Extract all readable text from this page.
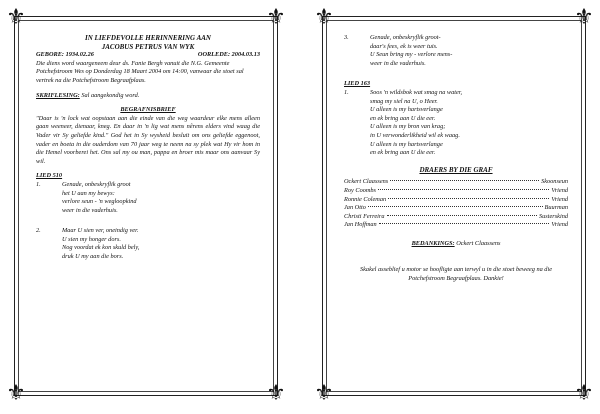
⚜	⚜
⚜	⚜

IN LIEFDEVOLLE HERINNERING AAN

JACOBUS PETRUS VAN WYK

GEBORE: 1934.02.26	OORLEDE: 2004.03.13

Die diens word waargeneem deur ds. Fanie Bergh vanuit die N.G. Gemeente Potchefstroom Wes op Donderdag 18 Maart 2004 om 14:00, vanwaar die stoet sal vertrek na die Potchefstroom Begraafplaas.

SKRIFLESING: Sal aangekondig word.

BEGRAFNISBRIEF

"Daar is 'n lock wat oopstaan aan die einde van die weg waardeur elke mens alleen gaan weeneer, dienaar, kneg. En daar in 'n lig wat mens nêrens elders vind waag die Vader vir Sy geliefde kind." God het in Sy wysheid besluit om ons geliefde eggenoot, vader en boeta in die ouderdom van 70 jaar weg te neem na sy plek wat Hy vir hom in die Hemel voorberei het. Ons sal my ou man, pappa en broer mis maar ons aanvaar Sy wil.

LIED 510

1.	Genade, onbeskryflik groot

het U aan my bewys:

verlore seun - 'n wegloopkind

weer in die vaderhuis.

2.	Maar U sien ver, oneindig ver.

U sien my honger dors.

Nog voordat ek kon skuld bely,

druk U my aan die bors.

⚜	⚜
⚜	⚜
3.	Genade, onbeskryflik groot-

daar's fees, ek is weer tuis.

U Seun bring my - verlore mens-

weer in die vaderhuis.

LIED 163

1.	Soos 'n wildsbok wat smag na water,

smag my siel na U, o Heer.

U alleen is my hartsverlange

en ek bring aan U die eer.

U alleen is my bron van krag;

in U verwonderlikheid wil ek waag.

U alleen is my hartsverlange

en ek bring aan U die eer.

DRAERS BY DIE GRAF

Ockert Claassens	Skoonseun
Roy Coombs	Vriend
Ronnie Coleman	Vriend
Jan Otto	Buurman
Christi Ferreira	Susterskind
Jan Hoffman	Vriend

BEDANKINGS: Ockert Claassens

Skakel asseblief u motor se hoofligte aan terwyl u in die stoet beweeg na die Potchefstroom Begraafplaas. Dankie!
